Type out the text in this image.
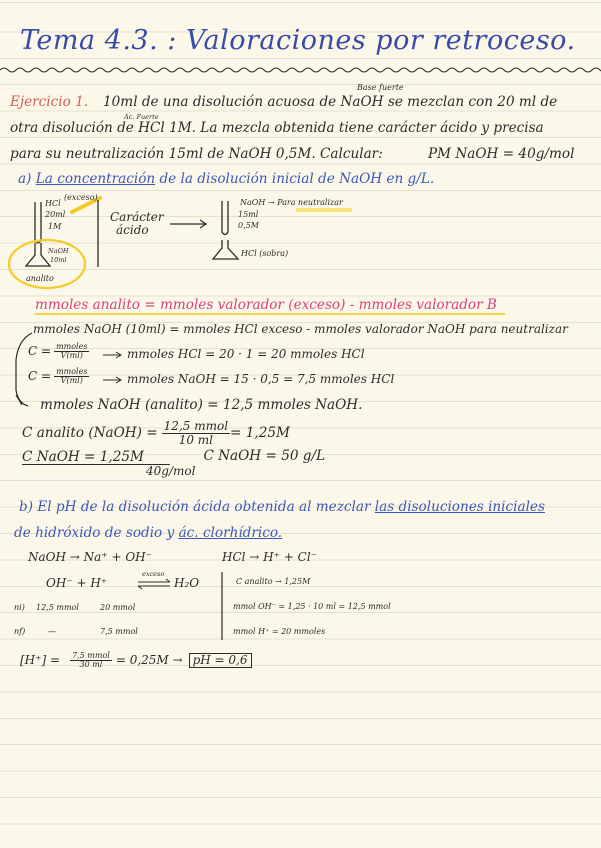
Tema 4.3. : Valoraciones por retroceso.
Base fuerte
Ác. Fuerte
Ejercicio 1. 10ml de una disolución acuosa de NaOH se mezclan con 20 ml de
otra disolución de HCl 1M. La mezcla obtenida tiene carácter ácido y precisa
para su neutralización 15ml de NaOH 0,5M. Calcular:	PM NaOH = 40g/mol
a) La concentración de la disolución inicial de NaOH en g/L.
HCl
(exceso)
20ml
1M
NaOH
10ml
analito
Carácter
ácido
NaOH → Para neutralizar
15ml
0,5M
HCl (sobra)
mmoles analito = mmoles valorador (exceso) - mmoles valorador B
mmoles NaOH (10ml) = mmoles HCl exceso - mmoles valorador NaOH para neutralizar
$C = \frac{\text{mmoles}}{V(ml)}$	mmoles HCl = 20 · 1 = 20 mmoles HCl
$C = \frac{\text{mmoles}}{V(ml)}$	mmoles NaOH = 15 · 0,5 = 7,5 mmoles HCl
mmoles NaOH (analito) = 12,5 mmoles NaOH.
C analito (NaOH) = $\frac{\text{12,5 mmol}}{10 ml} = 1,25M$
$\frac{\text{C NaOH = 1,25M}}{\text{40g/mol}}$ C NaOH = 50 g/L
b) El pH de la disolución ácida obtenida al mezclar las disoluciones iniciales
de hidróxido de sodio y ác. clorhídrico.
NaOH → Na⁺ + OH⁻	HCl → H⁺ + Cl⁻
OH⁻ + H⁺
exceso
H₂O
ni) 12,5 mmol	20 mmol
nf)	—	7,5 mmol
C analito → 1,25M
mmol OH⁻ = 1,25 · 10 ml = 12,5 mmol
mmol H⁺ = 20 mmoles
$[H^+] = \frac{\text{7,5 mmol}}{30 ml} = 0,25M$ → pH = 0,6
